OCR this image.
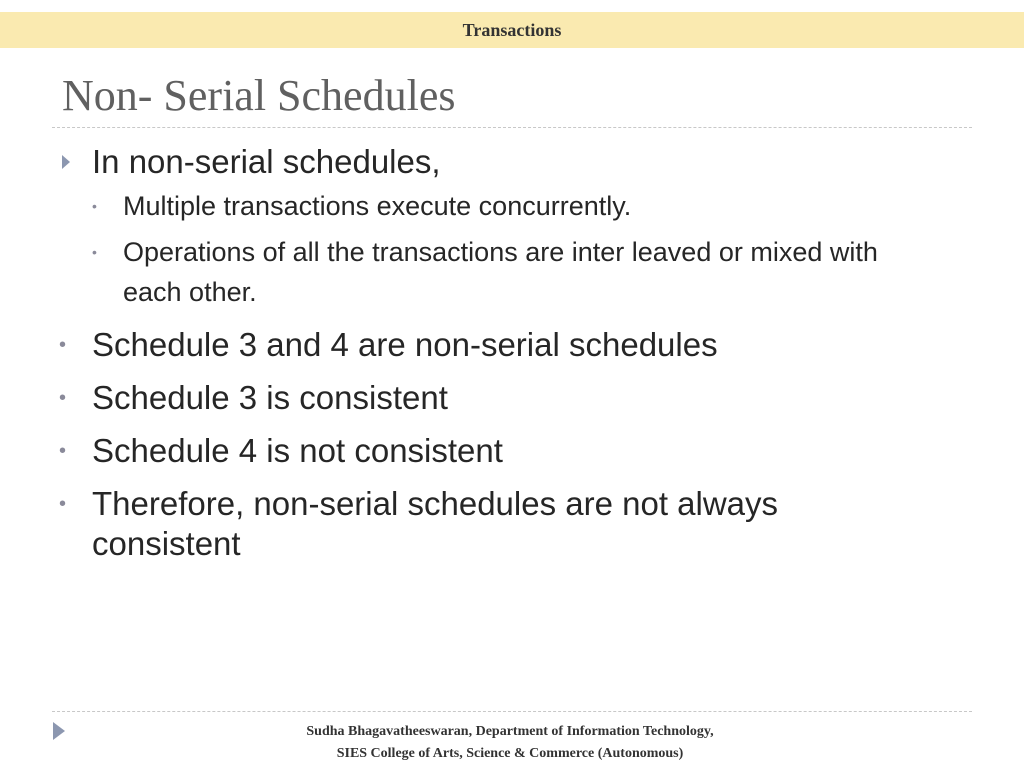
Transactions
Non- Serial Schedules
In non-serial schedules,
• Multiple transactions execute concurrently.
• Operations of all the transactions are inter leaved or mixed with each other.
• Schedule 3 and 4 are non-serial schedules
• Schedule 3 is consistent
• Schedule 4 is not consistent
• Therefore, non-serial schedules are not always consistent
Sudha Bhagavatheeswaran, Department of Information Technology,
SIES College of Arts, Science & Commerce (Autonomous)
